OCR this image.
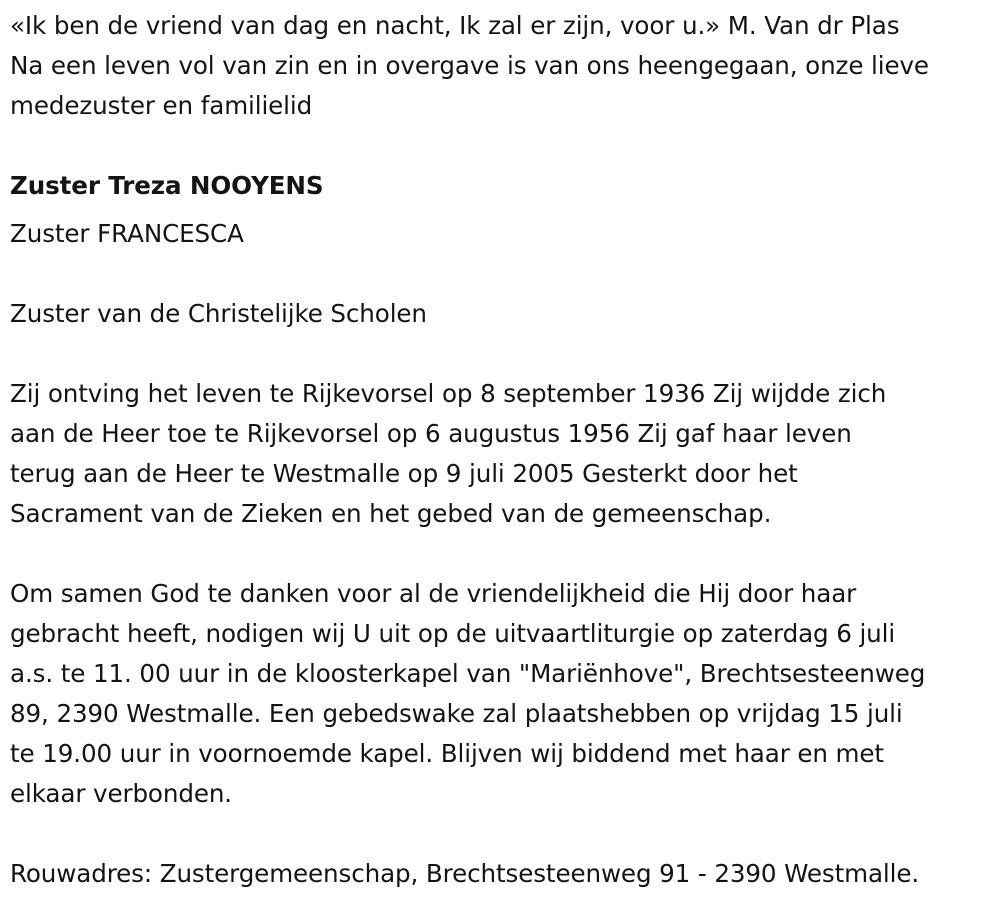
«Ik ben de vriend van dag en nacht, Ik zal er zijn, voor u.» M. Van dr Plas

Na een leven vol van zin en in overgave is van ons heengegaan, onze lieve

medezuster en familielid

Zuster Treza NOOYENS

Zuster FRANCESCA

Zuster van de Christelijke Scholen

Zij ontving het leven te Rijkevorsel op 8 september 1936 Zij wijdde zich

aan de Heer toe te Rijkevorsel op 6 augustus 1956 Zij gaf haar leven

terug aan de Heer te Westmalle op 9 juli 2005 Gesterkt door het

Sacrament van de Zieken en het gebed van de gemeenschap.

Om samen God te danken voor al de vriendelijkheid die Hij door haar

gebracht heeft, nodigen wij U uit op de uitvaartliturgie op zaterdag 6 juli

a.s. te 11. 00 uur in de kloosterkapel van "Mariënhove", Brechtsesteenweg

89, 2390 Westmalle. Een gebedswake zal plaatshebben op vrijdag 15 juli

te 19.00 uur in voornoemde kapel. Blijven wij biddend met haar en met

elkaar verbonden.

Rouwadres: Zustergemeenschap, Brechtsesteenweg 91 - 2390 Westmalle.
